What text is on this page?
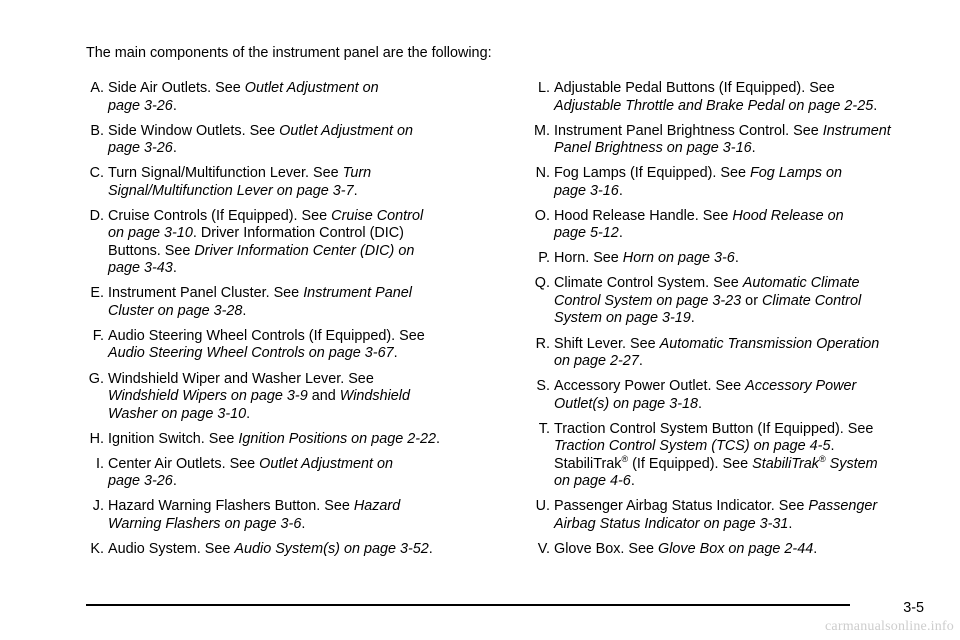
The main components of the instrument panel are the following:

A. Side Air Outlets. See Outlet Adjustment on
page 3-26.
B. Side Window Outlets. See Outlet Adjustment on
page 3-26.
C. Turn Signal/Multifunction Lever. See Turn
Signal/Multifunction Lever on page 3-7.
D. Cruise Controls (If Equipped). See Cruise Control
on page 3-10. Driver Information Control (DIC)
Buttons. See Driver Information Center (DIC) on
page 3-43.
E. Instrument Panel Cluster. See Instrument Panel
Cluster on page 3-28.
F. Audio Steering Wheel Controls (If Equipped). See
Audio Steering Wheel Controls on page 3-67.
G. Windshield Wiper and Washer Lever. See
Windshield Wipers on page 3-9 and Windshield
Washer on page 3-10.
H. Ignition Switch. See Ignition Positions on page 2-22.
I. Center Air Outlets. See Outlet Adjustment on
page 3-26.
J. Hazard Warning Flashers Button. See Hazard
Warning Flashers on page 3-6.
K. Audio System. See Audio System(s) on page 3-52.
L. Adjustable Pedal Buttons (If Equipped). See
Adjustable Throttle and Brake Pedal on page 2-25.
M. Instrument Panel Brightness Control. See Instrument
Panel Brightness on page 3-16.
N. Fog Lamps (If Equipped). See Fog Lamps on
page 3-16.
O. Hood Release Handle. See Hood Release on
page 5-12.
P. Horn. See Horn on page 3-6.
Q. Climate Control System. See Automatic Climate
Control System on page 3-23 or Climate Control
System on page 3-19.
R. Shift Lever. See Automatic Transmission Operation
on page 2-27.
S. Accessory Power Outlet. See Accessory Power
Outlet(s) on page 3-18.
T. Traction Control System Button (If Equipped). See
Traction Control System (TCS) on page 4-5.
StabiliTrak® (If Equipped). See StabiliTrak® System
on page 4-6.
U. Passenger Airbag Status Indicator. See Passenger
Airbag Status Indicator on page 3-31.
V. Glove Box. See Glove Box on page 2-44.
3-5
carmanualsonline.info
